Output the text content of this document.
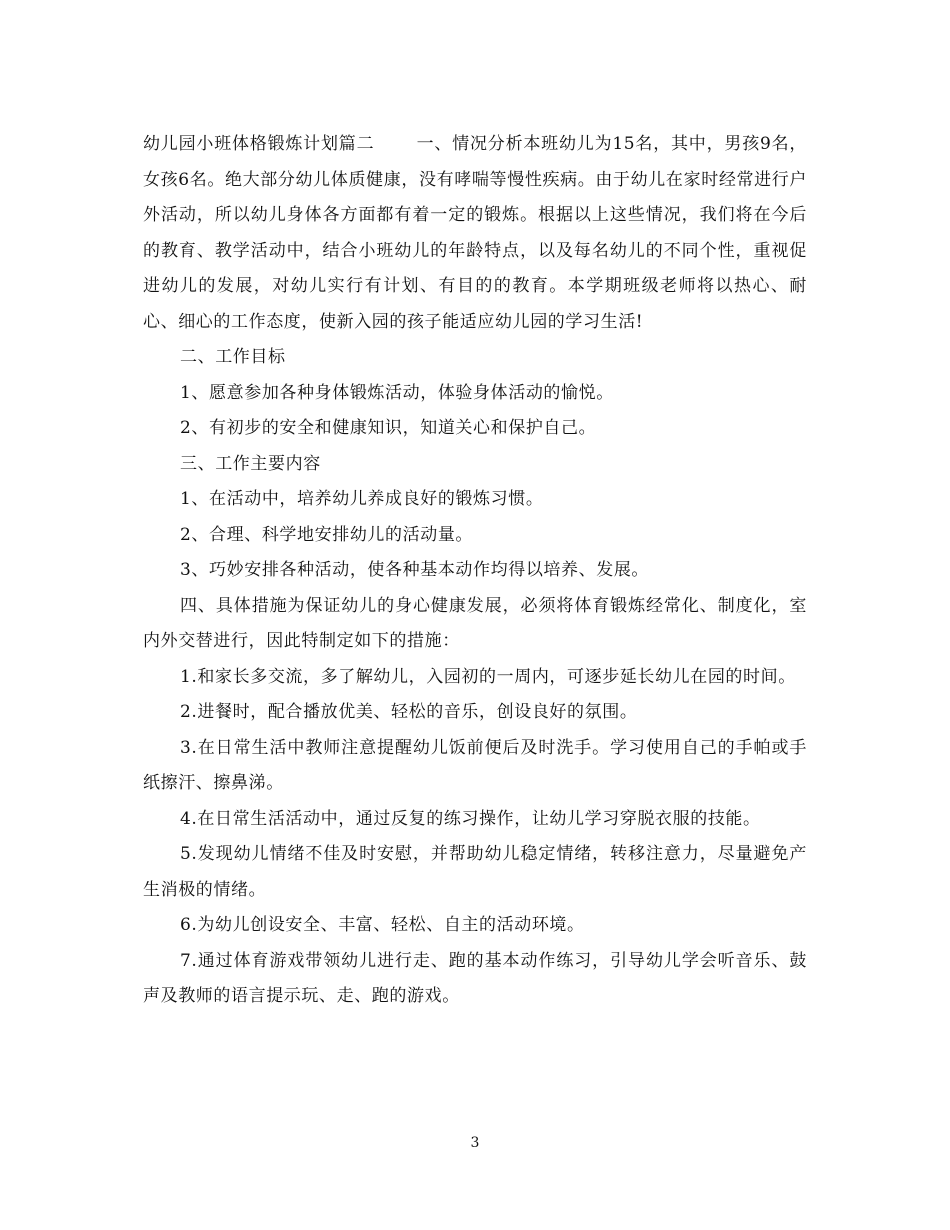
幼儿园小班体格锻炼计划篇二 一、情况分析本班幼儿为15名，其中，男孩9名，女孩6名。绝大部分幼儿体质健康，没有哮喘等慢性疾病。由于幼儿在家时经常进行户外活动，所以幼儿身体各方面都有着一定的锻炼。根据以上这些情况，我们将在今后的教育、教学活动中，结合小班幼儿的年龄特点，以及每名幼儿的不同个性，重视促进幼儿的发展，对幼儿实行有计划、有目的的教育。本学期班级老师将以热心、耐心、细心的工作态度，使新入园的孩子能适应幼儿园的学习生活!

二、工作目标

1、愿意参加各种身体锻炼活动，体验身体活动的愉悦。

2、有初步的安全和健康知识，知道关心和保护自己。

三、工作主要内容

1、在活动中，培养幼儿养成良好的锻炼习惯。

2、合理、科学地安排幼儿的活动量。

3、巧妙安排各种活动，使各种基本动作均得以培养、发展。

四、具体措施为保证幼儿的身心健康发展，必须将体育锻炼经常化、制度化，室内外交替进行，因此特制定如下的措施：

1.和家长多交流，多了解幼儿，入园初的一周内，可逐步延长幼儿在园的时间。

2.进餐时，配合播放优美、轻松的音乐，创设良好的氛围。

3.在日常生活中教师注意提醒幼儿饭前便后及时洗手。学习使用自己的手帕或手纸擦汗、擦鼻涕。

4.在日常生活活动中，通过反复的练习操作，让幼儿学习穿脱衣服的技能。

5.发现幼儿情绪不佳及时安慰，并帮助幼儿稳定情绪，转移注意力，尽量避免产生消极的情绪。

6.为幼儿创设安全、丰富、轻松、自主的活动环境。

7.通过体育游戏带领幼儿进行走、跑的基本动作练习，引导幼儿学会听音乐、鼓声及教师的语言提示玩、走、跑的游戏。

3
